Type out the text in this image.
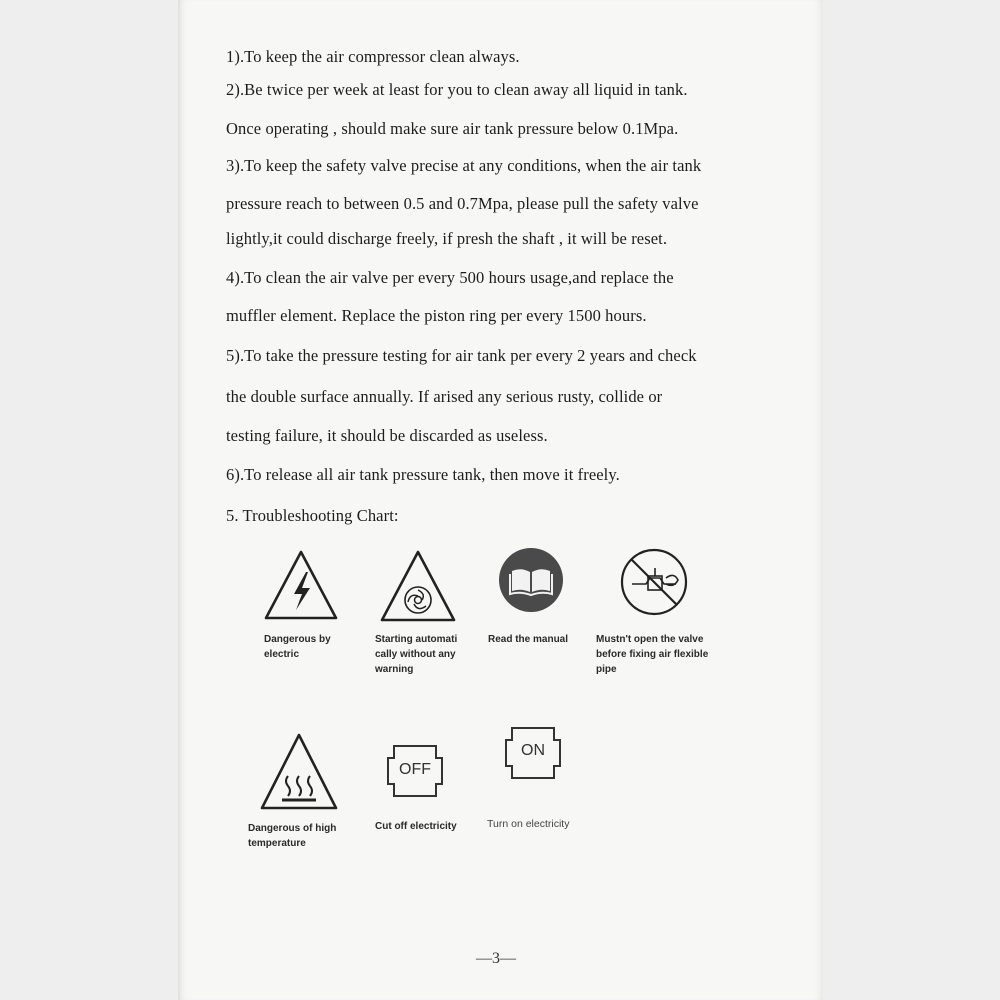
1).To keep the air compressor clean always.
2).Be twice per week at least for you to clean away all liquid in tank.
Once operating , should make sure air tank pressure below 0.1Mpa.
3).To keep the safety valve precise at any conditions, when the air tank
pressure reach to between 0.5 and 0.7Mpa, please pull the safety valve
lightly,it could discharge freely, if presh the shaft , it will be reset.
4).To clean the air valve per every 500 hours usage,and replace the
muffler element. Replace the piston ring per every 1500 hours.
5).To take the pressure testing for air tank per every 2 years and check
the double surface annually. If arised any serious rusty, collide or
testing failure, it should be discarded as useless.
6).To release all air tank pressure tank, then move it freely.
5. Troubleshooting Chart:
Dangerous by
electric
Starting automati
cally without any
warning
Read the manual	Mustn't open the valve
before fixing air flexible
pipe
Dangerous of high
temperature
OFF
Cut off electricity
ON
Turn on electricity
—3—
